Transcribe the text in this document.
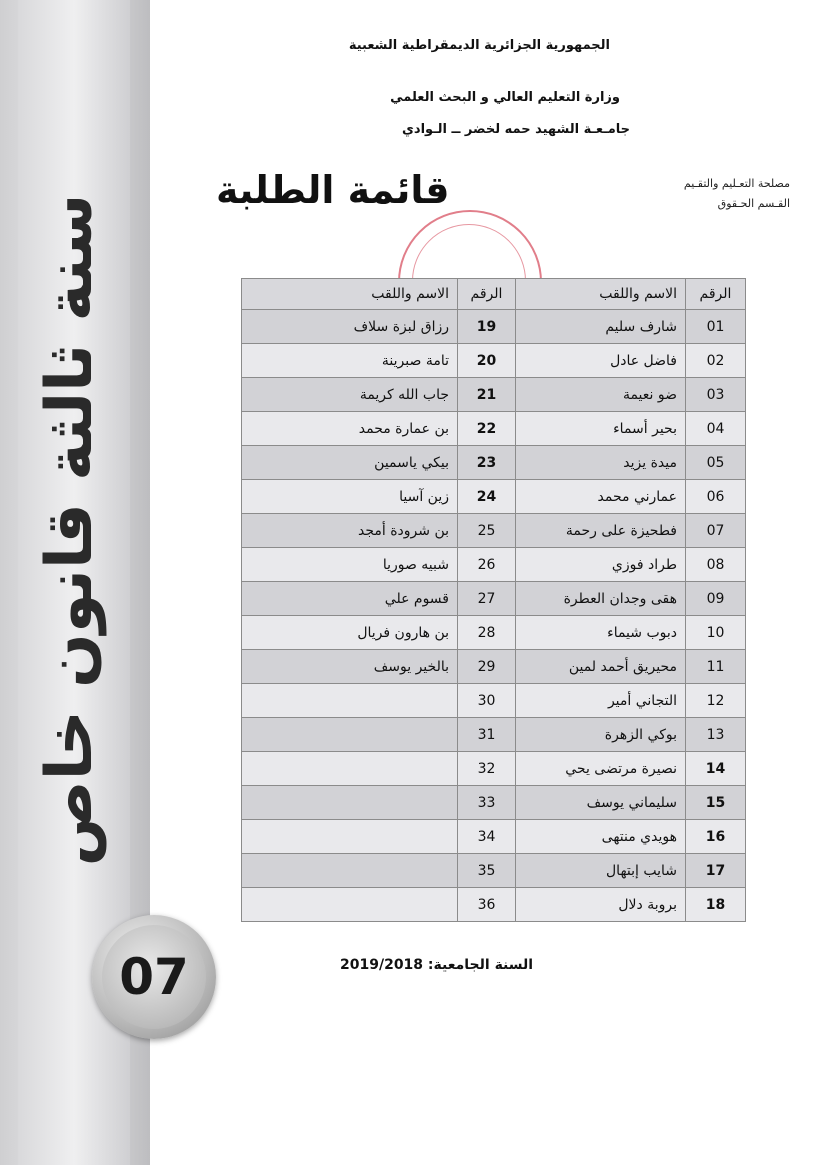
سنة ثالثة قانون خاص
07
الجمهورية الجزائرية الديمقراطية الشعبية
وزارة التعليم العالي و البحث العلمي
جامـعـة الشهيد حمه لخضر ــ الـوادي
مصلحة التعـليم والتقـيم
القـسم الحـقوق
قائمة الطلبة
الرقم	الاسم واللقب	الرقم	الاسم واللقب
01	شارف سليم	19	رزاق لبزة سلاف
02	فاضل عادل	20	تامة صبرينة
03	ضو نعيمة	21	جاب الله كريمة
04	بحير أسماء	22	بن عمارة محمد
05	ميدة يزيد	23	بيكي ياسمين
06	عمارني محمد	24	زين آسيا
07	فطحيزة على رحمة	25	بن شرودة أمجد
08	طراد فوزي	26	شبيه صوريا
09	هقى وجدان العطرة	27	قسوم علي
10	دبوب شيماء	28	بن هارون فريال
11	محيريق أحمد لمين	29	بالخير يوسف
12	التجاني أمير	30	
13	بوكي الزهرة	31	
14	نصيرة مرتضى يحي	32	
15	سليماني يوسف	33	
16	هويدي منتهى	34	
17	شايب إبتهال	35	
18	بروبة دلال	36	
السنة الجامعية: 2019/2018
